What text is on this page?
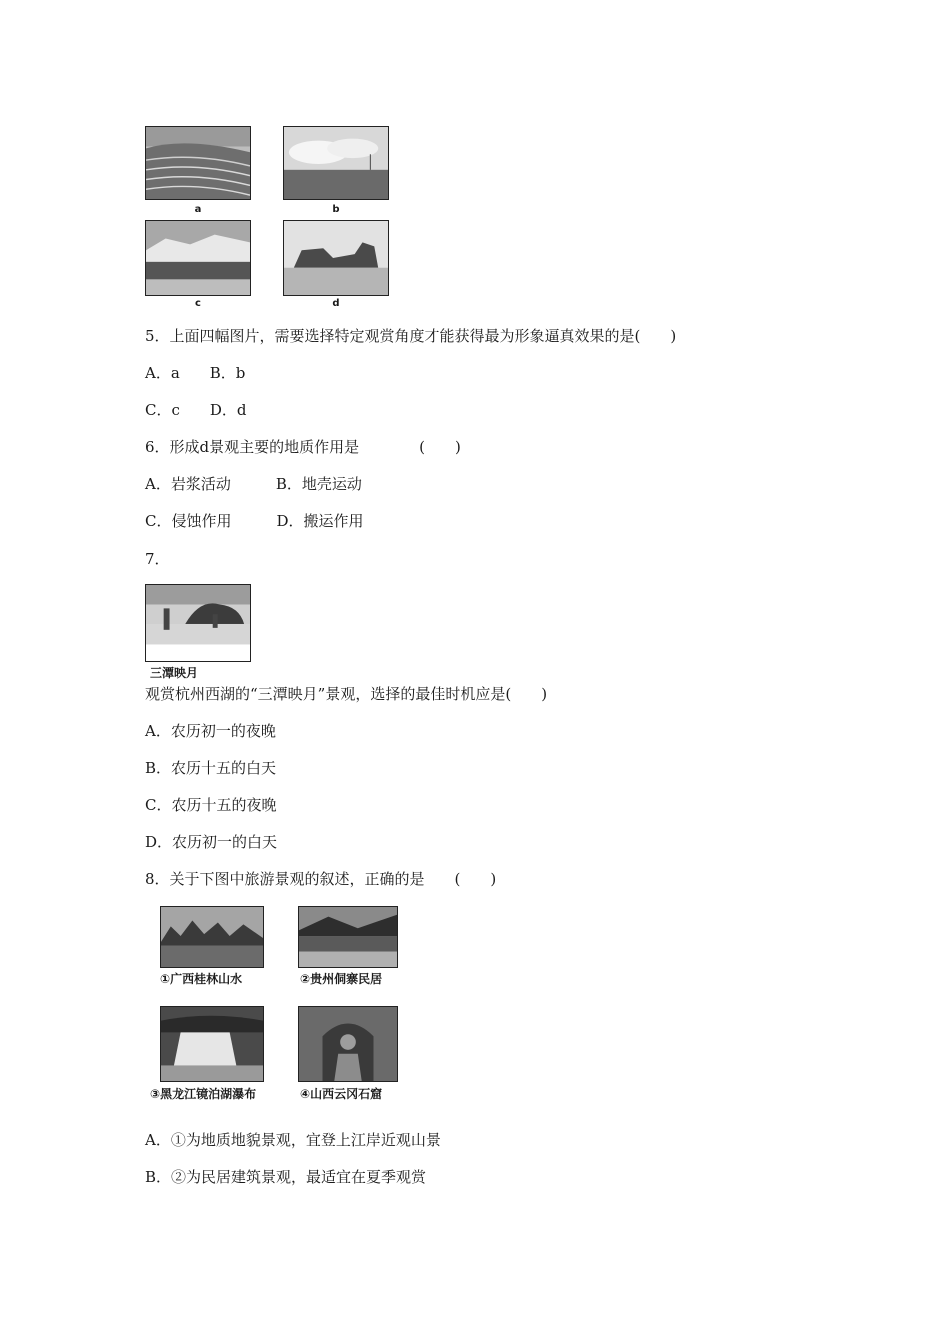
a	b
c	d
5．上面四幅图片，需要选择特定观赏角度才能获得最为形象逼真效果的是(　　)
A．a　　B．b
C．c　　D．d
6．形成d景观主要的地质作用是　　　　(　　)
A．岩浆活动　　　B．地壳运动
C．侵蚀作用　　　D．搬运作用
7．
三潭映月
观赏杭州西湖的“三潭映月”景观，选择的最佳时机应是(　　)
A．农历初一的夜晚
B．农历十五的白天
C．农历十五的夜晚
D．农历初一的白天
8．关于下图中旅游景观的叙述，正确的是　　(　　)
①广西桂林山水	②贵州侗寨民居
③黑龙江镜泊湖瀑布	④山西云冈石窟
A．①为地质地貌景观，宜登上江岸近观山景
B．②为民居建筑景观，最适宜在夏季观赏
